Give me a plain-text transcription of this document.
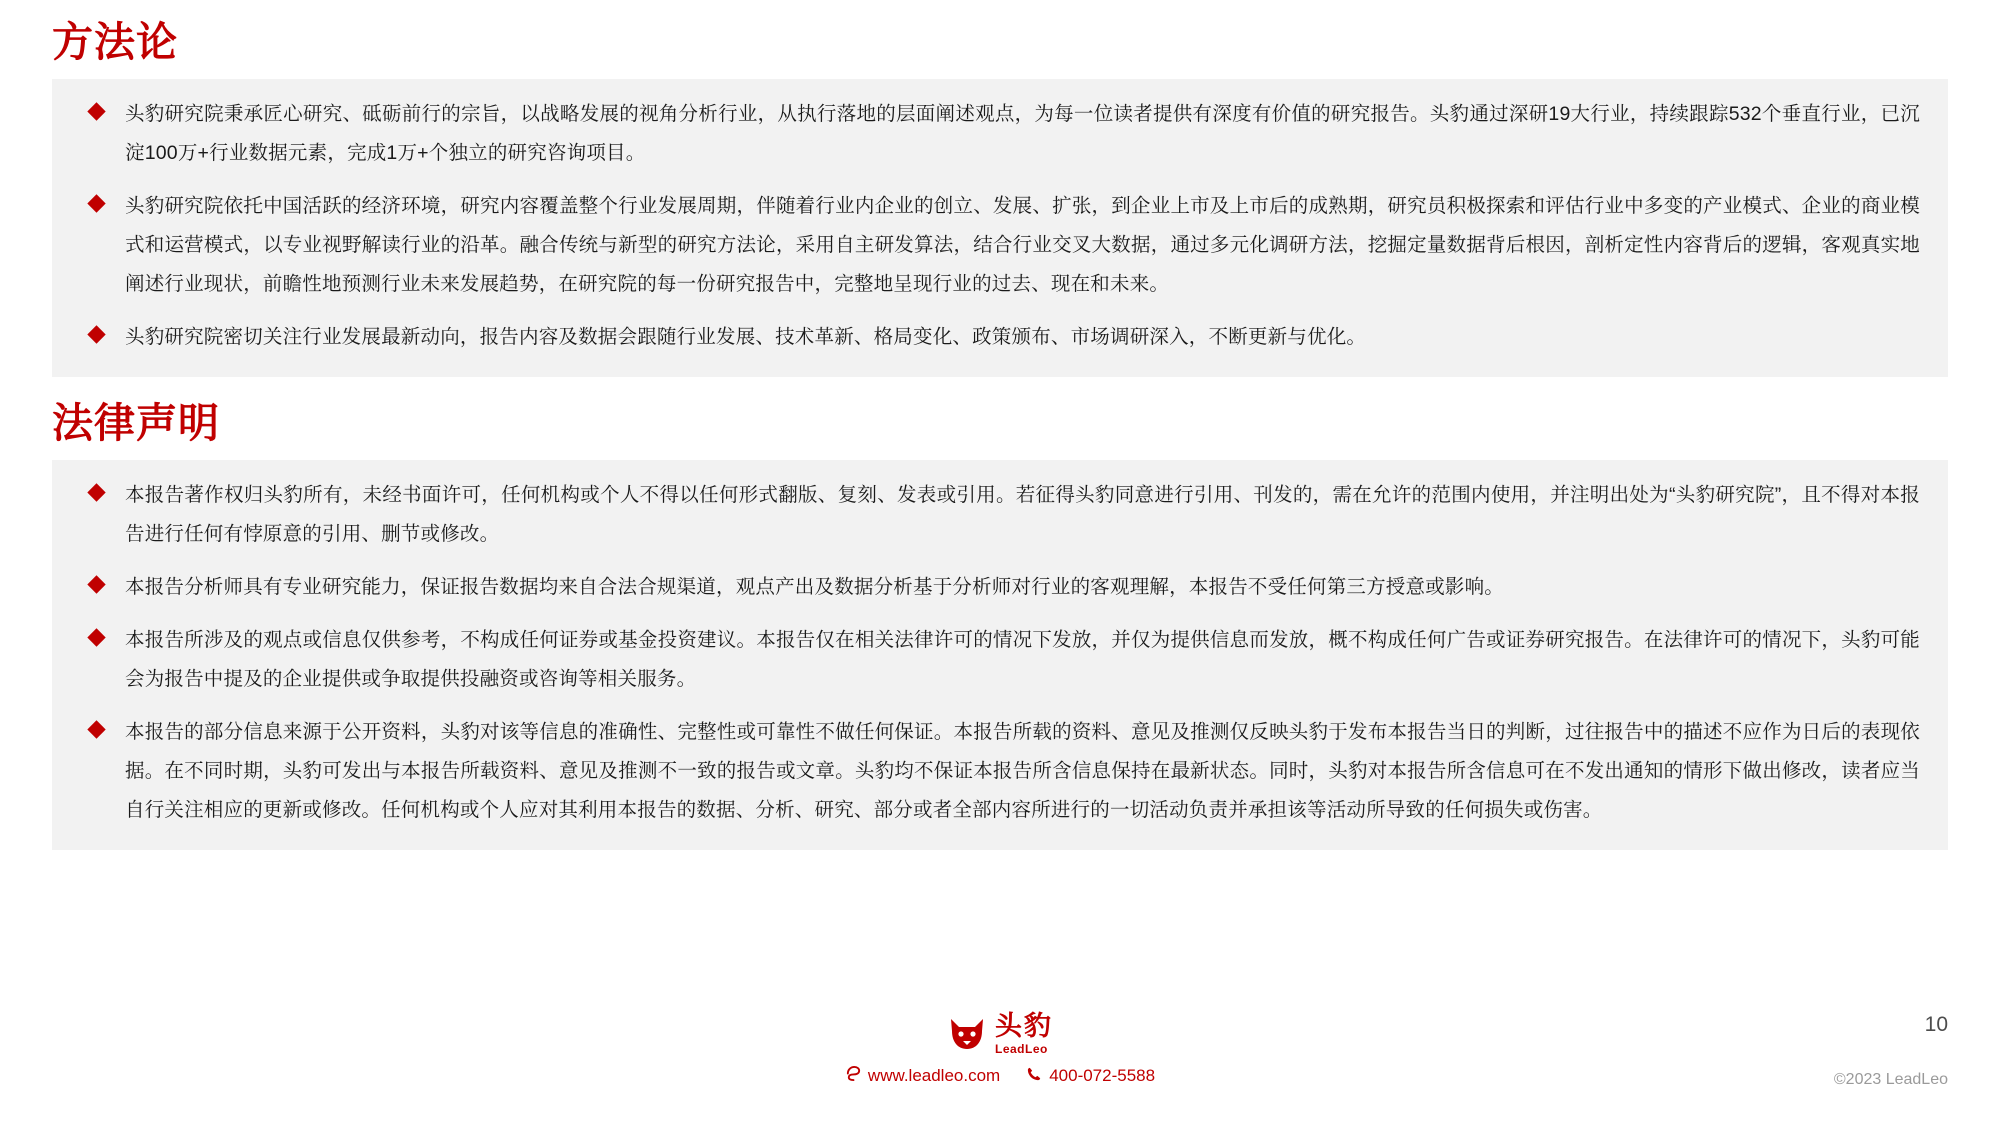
方法论
头豹研究院秉承匠心研究、砥砺前行的宗旨，以战略发展的视角分析行业，从执行落地的层面阐述观点，为每一位读者提供有深度有价值的研究报告。头豹通过深研19大行业，持续跟踪532个垂直行业，已沉淀100万+行业数据元素，完成1万+个独立的研究咨询项目。
头豹研究院依托中国活跃的经济环境，研究内容覆盖整个行业发展周期，伴随着行业内企业的创立、发展、扩张，到企业上市及上市后的成熟期，研究员积极探索和评估行业中多变的产业模式、企业的商业模式和运营模式，以专业视野解读行业的沿革。融合传统与新型的研究方法论，采用自主研发算法，结合行业交叉大数据，通过多元化调研方法，挖掘定量数据背后根因，剖析定性内容背后的逻辑，客观真实地阐述行业现状，前瞻性地预测行业未来发展趋势，在研究院的每一份研究报告中，完整地呈现行业的过去、现在和未来。
头豹研究院密切关注行业发展最新动向，报告内容及数据会跟随行业发展、技术革新、格局变化、政策颁布、市场调研深入，不断更新与优化。
法律声明
本报告著作权归头豹所有，未经书面许可，任何机构或个人不得以任何形式翻版、复刻、发表或引用。若征得头豹同意进行引用、刊发的，需在允许的范围内使用，并注明出处为“头豹研究院”，且不得对本报告进行任何有悖原意的引用、删节或修改。
本报告分析师具有专业研究能力，保证报告数据均来自合法合规渠道，观点产出及数据分析基于分析师对行业的客观理解，本报告不受任何第三方授意或影响。
本报告所涉及的观点或信息仅供参考，不构成任何证券或基金投资建议。本报告仅在相关法律许可的情况下发放，并仅为提供信息而发放，概不构成任何广告或证券研究报告。在法律许可的情况下，头豹可能会为报告中提及的企业提供或争取提供投融资或咨询等相关服务。
本报告的部分信息来源于公开资料，头豹对该等信息的准确性、完整性或可靠性不做任何保证。本报告所载的资料、意见及推测仅反映头豹于发布本报告当日的判断，过往报告中的描述不应作为日后的表现依据。在不同时期，头豹可发出与本报告所载资料、意见及推测不一致的报告或文章。头豹均不保证本报告所含信息保持在最新状态。同时，头豹对本报告所含信息可在不发出通知的情形下做出修改，读者应当自行关注相应的更新或修改。任何机构或个人应对其利用本报告的数据、分析、研究、部分或者全部内容所进行的一切活动负责并承担该等活动所导致的任何损失或伤害。
头豹
LeadLeo
www.leadleo.com	400-072-5588
10
©2023 LeadLeo
